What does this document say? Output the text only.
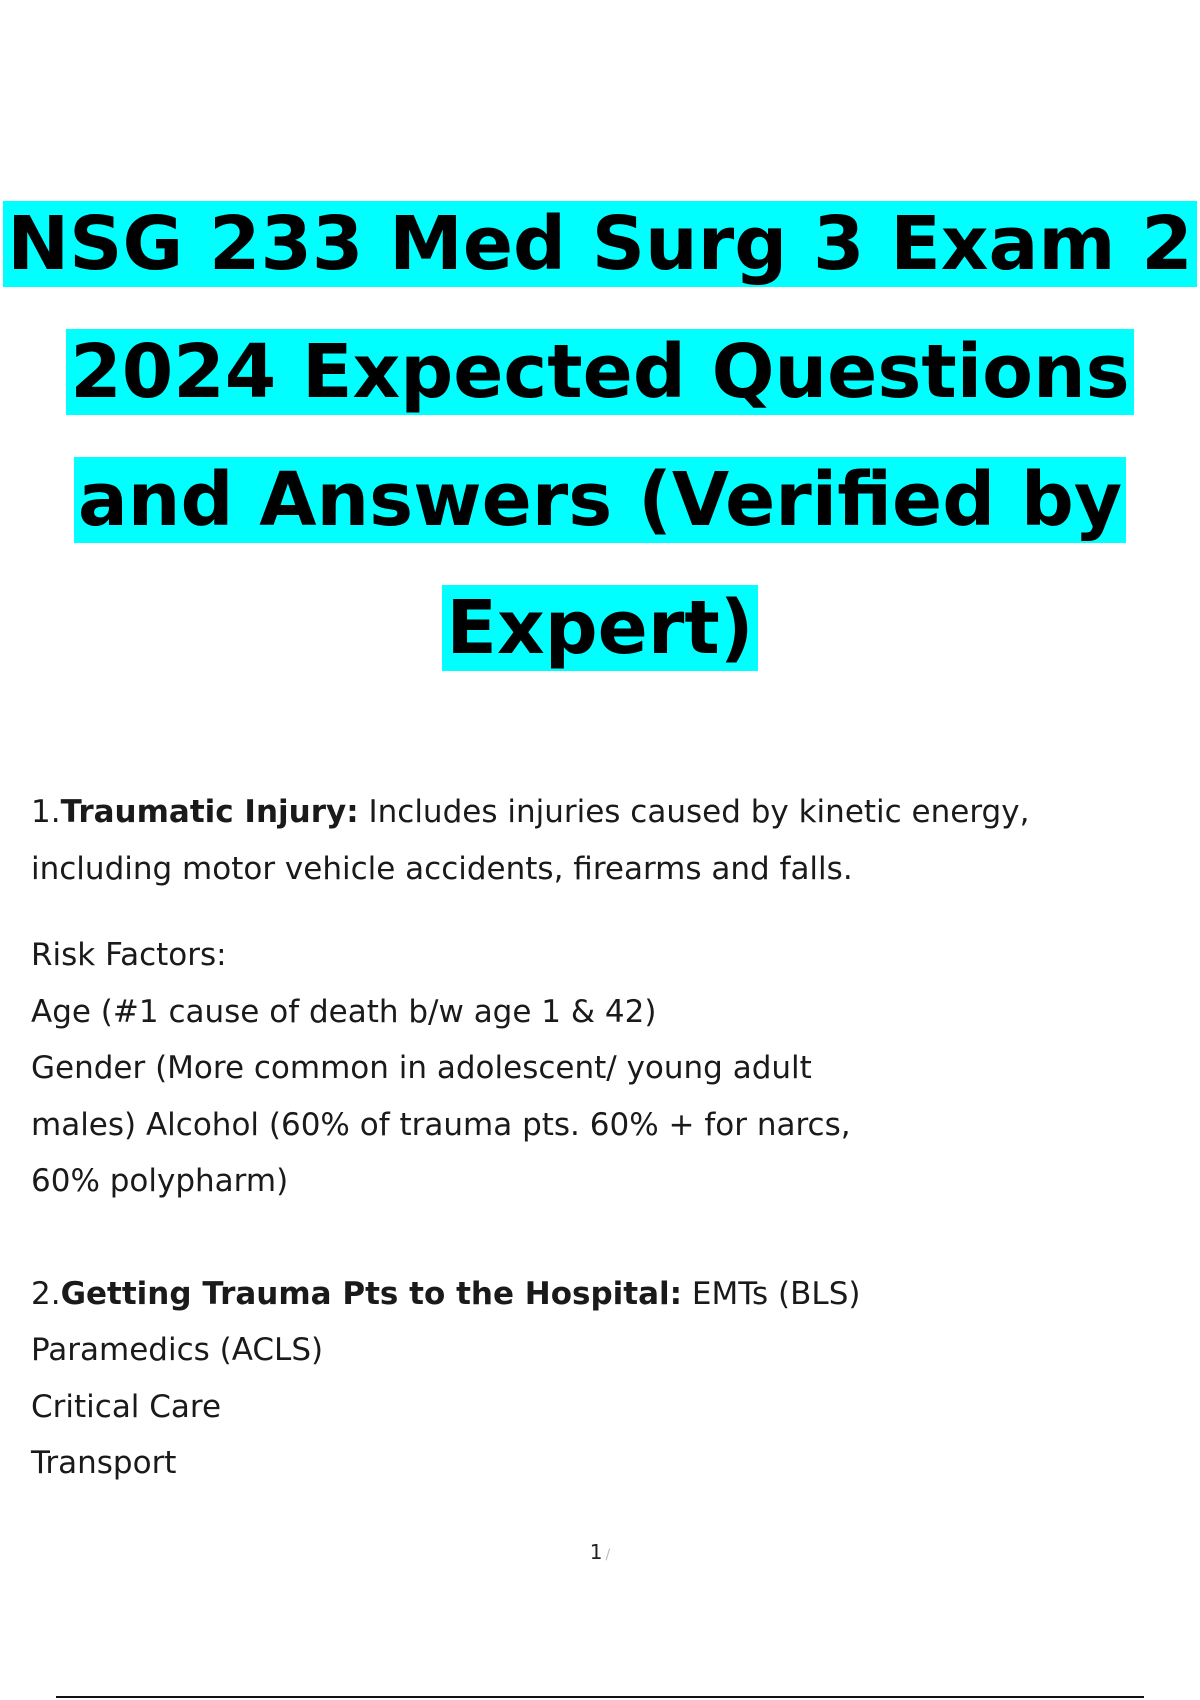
NSG 233 Med Surg 3 Exam 2
2024 Expected Questions
and Answers (Verified by
Expert)

1.Traumatic Injury: Includes injuries caused by kinetic energy,

including motor vehicle accidents, firearms and falls.

Risk Factors:

Age (#1 cause of death b/w age 1 & 42)

Gender (More common in adolescent/ young adult

males) Alcohol (60% of trauma pts. 60% + for narcs,

60% polypharm)

2.Getting Trauma Pts to the Hospital: EMTs (BLS)

Paramedics (ACLS)

Critical Care

Transport

1 /
